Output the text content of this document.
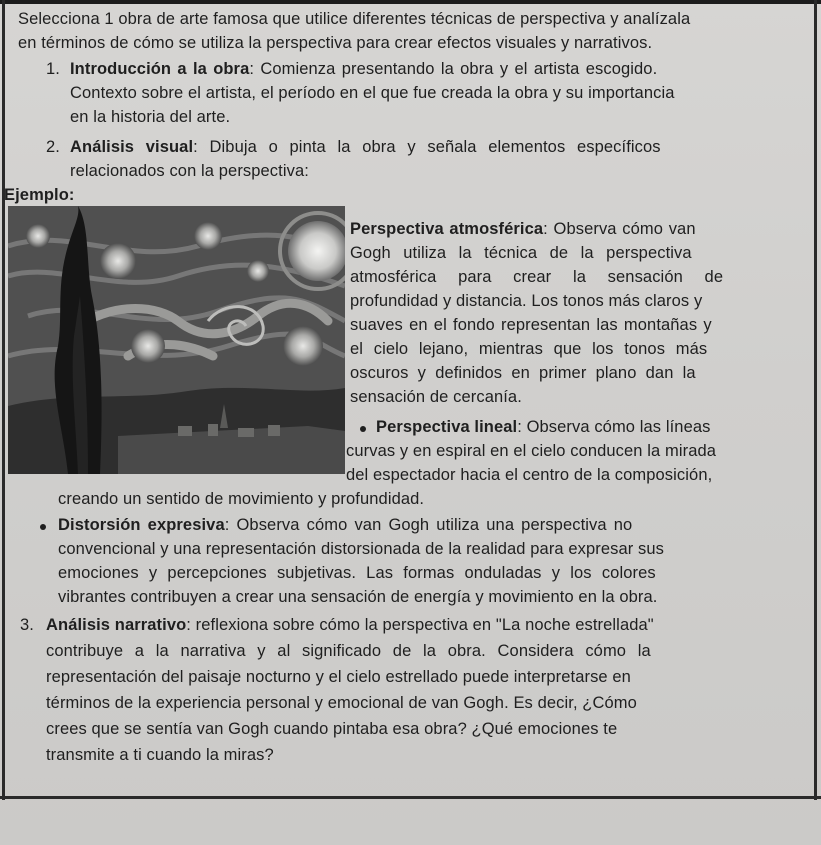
Selecciona 1 obra de arte famosa que utilice diferentes técnicas de perspectiva y analízala
en términos de cómo se utiliza la perspectiva para crear efectos visuales y narrativos.
1. Introducción a la obra: Comienza presentando la obra y el artista escogido.
Contexto sobre el artista, el período en el que fue creada la obra y su importancia
en la historia del arte.
2. Análisis visual: Dibuja o pinta la obra y señala elementos específicos
relacionados con la perspectiva:
Ejemplo:
Perspectiva atmosférica: Observa cómo van
Gogh utiliza la técnica de la perspectiva
atmosférica para crear la sensación de
profundidad y distancia. Los tonos más claros y
suaves en el fondo representan las montañas y
el cielo lejano, mientras que los tonos más
oscuros y definidos en primer plano dan la
sensación de cercanía.
Perspectiva lineal: Observa cómo las líneas
curvas y en espiral en el cielo conducen la mirada
del espectador hacia el centro de la composición,
creando un sentido de movimiento y profundidad.
Distorsión expresiva: Observa cómo van Gogh utiliza una perspectiva no
convencional y una representación distorsionada de la realidad para expresar sus
emociones y percepciones subjetivas. Las formas onduladas y los colores
vibrantes contribuyen a crear una sensación de energía y movimiento en la obra.
3. Análisis narrativo: reflexiona sobre cómo la perspectiva en "La noche estrellada"
contribuye a la narrativa y al significado de la obra. Considera cómo la
representación del paisaje nocturno y el cielo estrellado puede interpretarse en
términos de la experiencia personal y emocional de van Gogh. Es decir, ¿Cómo
crees que se sentía van Gogh cuando pintaba esa obra? ¿Qué emociones te
transmite a ti cuando la miras?
